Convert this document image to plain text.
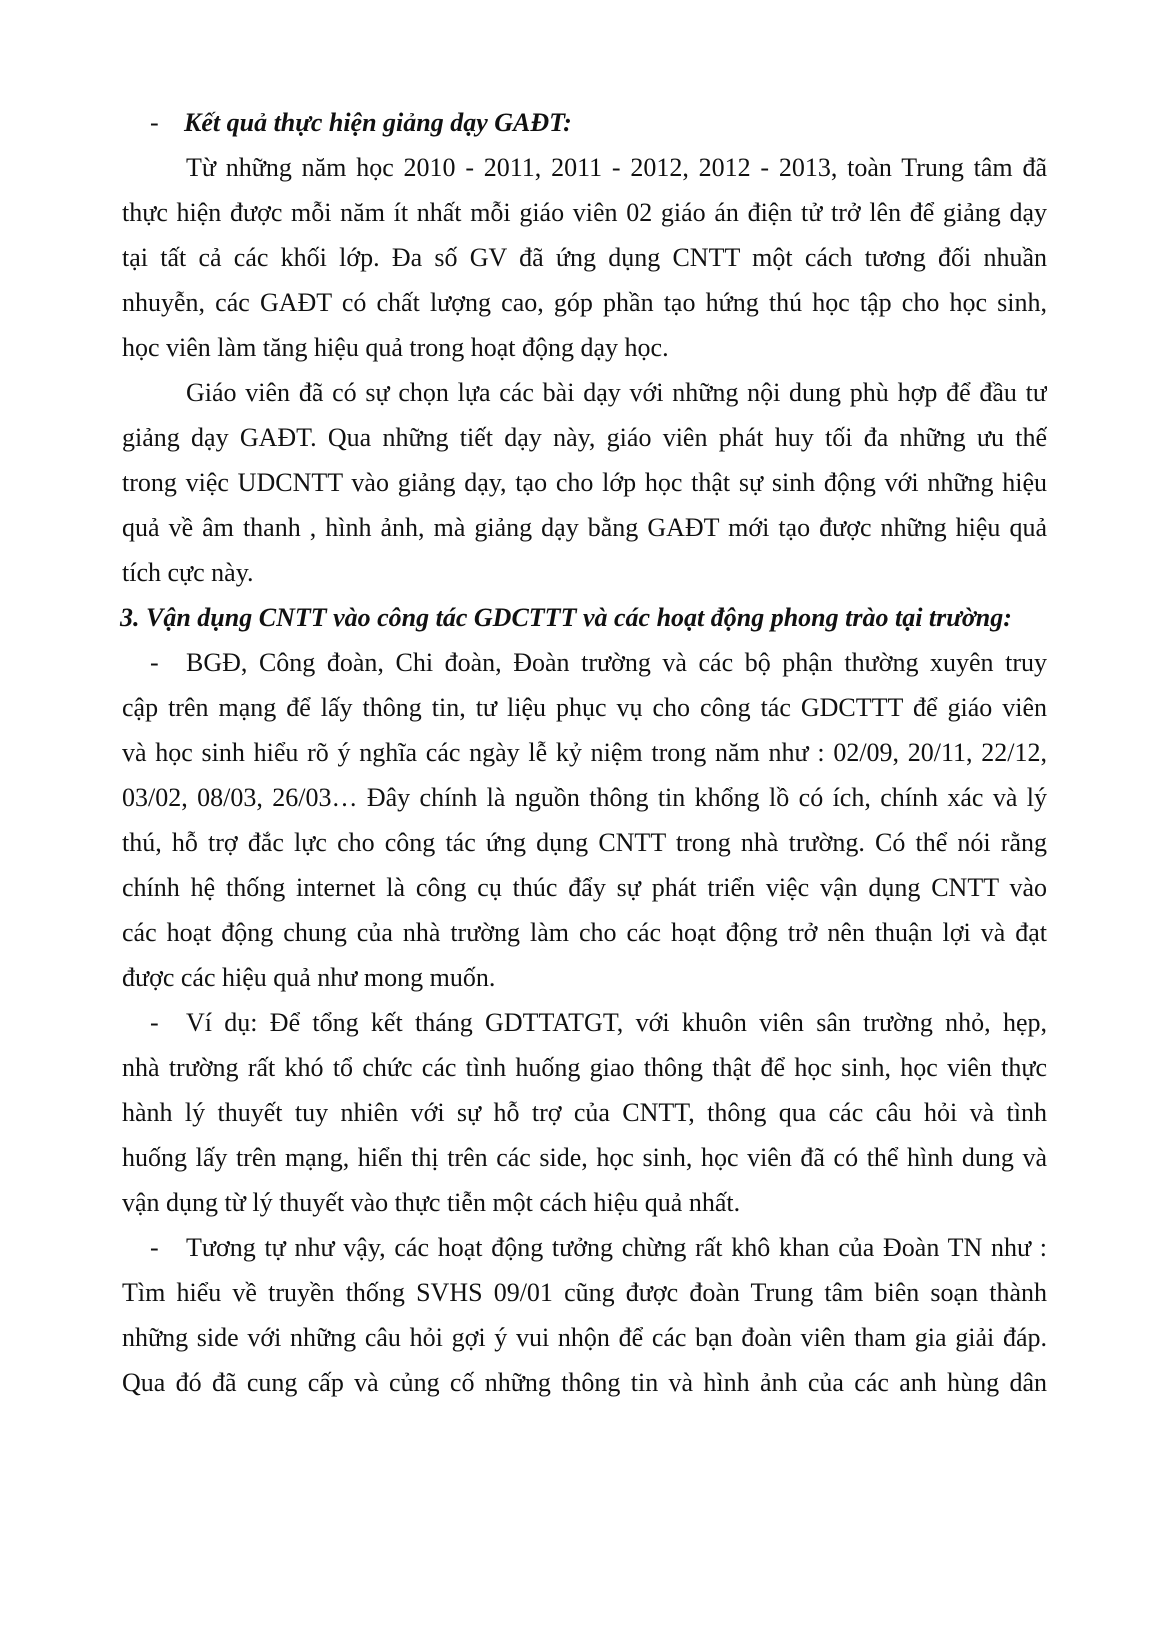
- Kết quả thực hiện giảng dạy GAĐT:
Từ những năm học 2010 - 2011, 2011 - 2012, 2012 - 2013, toàn Trung tâm đã
thực hiện được mỗi năm ít nhất mỗi giáo viên 02 giáo án điện tử trở lên để giảng dạy
tại tất cả các khối lớp. Đa số GV đã ứng dụng CNTT một cách tương đối nhuần
nhuyễn, các GAĐT có chất lượng cao, góp phần tạo hứng thú học tập cho học sinh,
học viên làm tăng hiệu quả trong hoạt động dạy học.
Giáo viên đã có sự chọn lựa các bài dạy với những nội dung phù hợp để đầu tư
giảng dạy GAĐT. Qua những tiết dạy này, giáo viên phát huy tối đa những ưu thế
trong việc UDCNTT vào giảng dạy, tạo cho lớp học thật sự sinh động với những hiệu
quả về âm thanh , hình ảnh, mà giảng dạy bằng GAĐT mới tạo được những hiệu quả
tích cực này.
3. Vận dụng CNTT vào công tác GDCTTT và các hoạt động phong trào tại trường:
-	BGĐ, Công đoàn, Chi đoàn, Đoàn trường và các bộ phận thường xuyên truy
cập trên mạng để lấy thông tin, tư liệu phục vụ cho công tác GDCTTT để giáo viên
và học sinh hiểu rõ ý nghĩa các ngày lễ kỷ niệm trong năm như : 02/09, 20/11, 22/12,
03/02, 08/03, 26/03… Đây chính là nguồn thông tin khổng lồ có ích, chính xác và lý
thú, hỗ trợ đắc lực cho công tác ứng dụng CNTT trong nhà trường. Có thể nói rằng
chính hệ thống internet là công cụ thúc đẩy sự phát triển việc vận dụng CNTT vào
các hoạt động chung của nhà trường làm cho các hoạt động trở nên thuận lợi và đạt
được các hiệu quả như mong muốn.
-	Ví dụ: Để tổng kết tháng GDTTATGT, với khuôn viên sân trường nhỏ, hẹp,
nhà trường rất khó tổ chức các tình huống giao thông thật để học sinh, học viên thực
hành lý thuyết tuy nhiên với sự hỗ trợ của CNTT, thông qua các câu hỏi và tình
huống lấy trên mạng, hiển thị trên các side, học sinh, học viên đã có thể hình dung và
vận dụng từ lý thuyết vào thực tiễn một cách hiệu quả nhất.
-	Tương tự như vậy, các hoạt động tưởng chừng rất khô khan của Đoàn TN như :
Tìm hiểu về truyền thống SVHS 09/01 cũng được đoàn Trung tâm biên soạn thành
những side với những câu hỏi gợi ý vui nhộn để các bạn đoàn viên tham gia giải đáp.
Qua đó đã cung cấp và củng cố những thông tin và hình ảnh của các anh hùng dân
